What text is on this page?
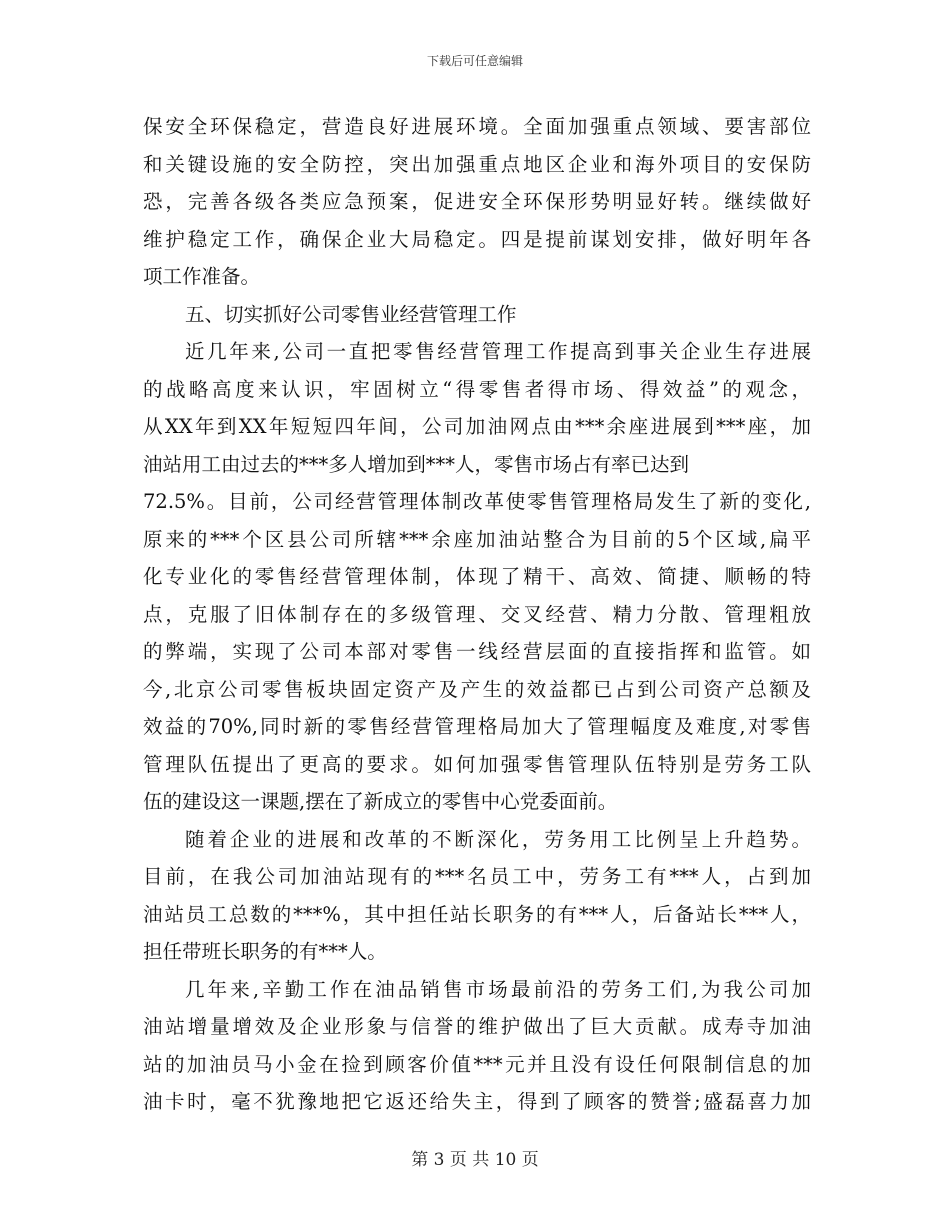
下载后可任意编辑
保安全环保稳定，营造良好进展环境。全面加强重点领域、要害部位
和关键设施的安全防控，突出加强重点地区企业和海外项目的安保防
恐，完善各级各类应急预案，促进安全环保形势明显好转。继续做好
维护稳定工作，确保企业大局稳定。四是提前谋划安排，做好明年各
项工作准备。
五、切实抓好公司零售业经营管理工作
近几年来,公司一直把零售经营管理工作提高到事关企业生存进展
的战略高度来认识，牢固树立“得零售者得市场、得效益”的观念，
从XX年到XX年短短四年间，公司加油网点由***余座进展到***座，加
油站用工由过去的***多人增加到***人，零售市场占有率已达到
72.5%。目前，公司经营管理体制改革使零售管理格局发生了新的变化,
原来的***个区县公司所辖***余座加油站整合为目前的5个区域,扁平
化专业化的零售经营管理体制，体现了精干、高效、简捷、顺畅的特
点，克服了旧体制存在的多级管理、交叉经营、精力分散、管理粗放
的弊端，实现了公司本部对零售一线经营层面的直接指挥和监管。如
今,北京公司零售板块固定资产及产生的效益都已占到公司资产总额及
效益的70%,同时新的零售经营管理格局加大了管理幅度及难度,对零售
管理队伍提出了更高的要求。如何加强零售管理队伍特别是劳务工队
伍的建设这一课题,摆在了新成立的零售中心党委面前。
随着企业的进展和改革的不断深化，劳务用工比例呈上升趋势。
目前，在我公司加油站现有的***名员工中，劳务工有***人，占到加
油站员工总数的***%，其中担任站长职务的有***人，后备站长***人，
担任带班长职务的有***人。
几年来,辛勤工作在油品销售市场最前沿的劳务工们,为我公司加
油站增量增效及企业形象与信誉的维护做出了巨大贡献。成寿寺加油
站的加油员马小金在捡到顾客价值***元并且没有设任何限制信息的加
油卡时，毫不犹豫地把它返还给失主，得到了顾客的赞誉;盛磊喜力加
第 3 页 共 10 页
